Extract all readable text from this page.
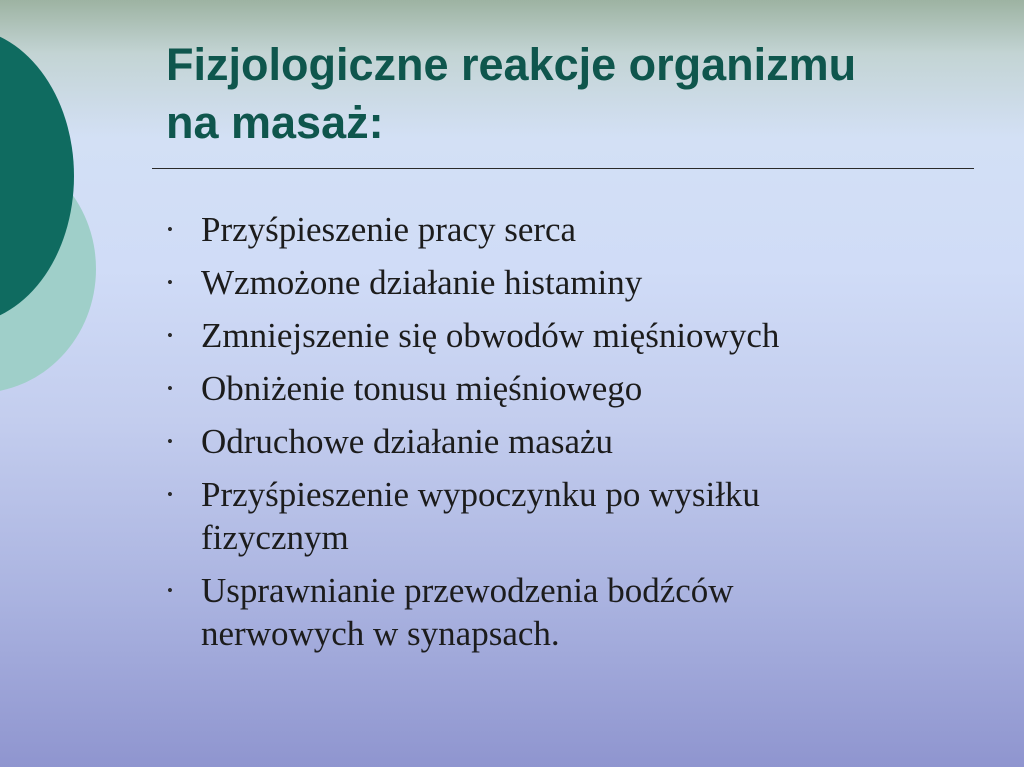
Fizjologiczne reakcje organizmu
na masaż:
• Przyśpieszenie pracy serca
• Wzmożone działanie histaminy
• Zmniejszenie się obwodów mięśniowych
• Obniżenie tonusu mięśniowego
• Odruchowe działanie masażu
• Przyśpieszenie wypoczynku po wysiłku
fizycznym
• Usprawnianie przewodzenia bodźców
nerwowych w synapsach.
